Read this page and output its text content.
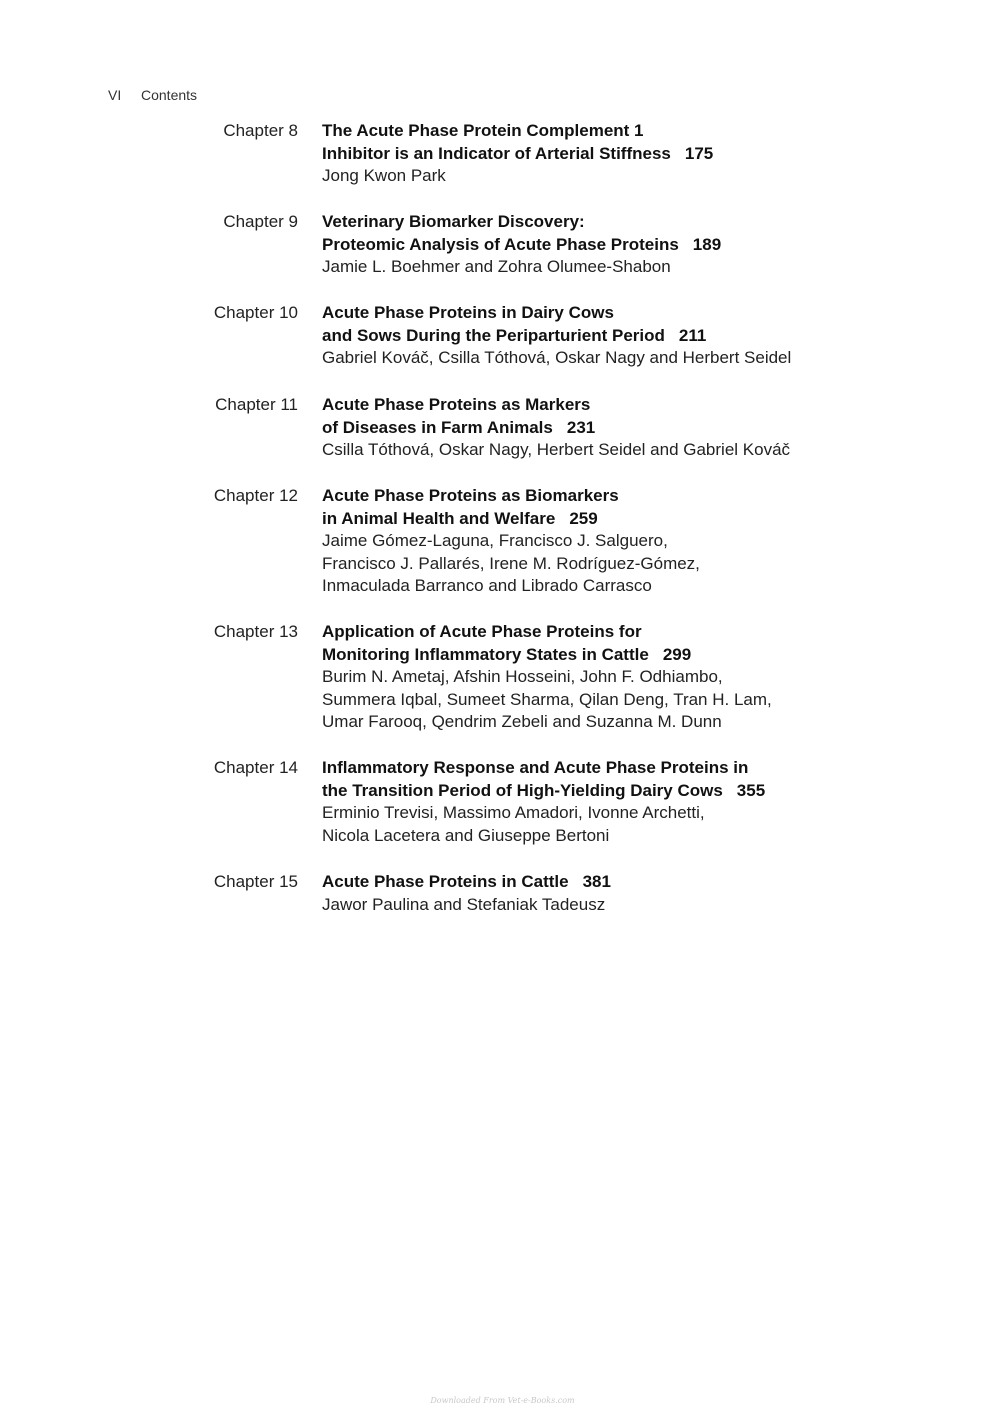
VI Contents
Chapter 8 The Acute Phase Protein Complement 1
Inhibitor is an Indicator of Arterial Stiffness 175
Jong Kwon Park
Chapter 9 Veterinary Biomarker Discovery:
Proteomic Analysis of Acute Phase Proteins 189
Jamie L. Boehmer and Zohra Olumee-Shabon
Chapter 10 Acute Phase Proteins in Dairy Cows
and Sows During the Periparturient Period 211
Gabriel Kováč, Csilla Tóthová, Oskar Nagy and Herbert Seidel
Chapter 11 Acute Phase Proteins as Markers
of Diseases in Farm Animals 231
Csilla Tóthová, Oskar Nagy, Herbert Seidel and Gabriel Kováč
Chapter 12 Acute Phase Proteins as Biomarkers
in Animal Health and Welfare 259
Jaime Gómez-Laguna, Francisco J. Salguero,
Francisco J. Pallarés, Irene M. Rodríguez-Gómez,
Inmaculada Barranco and Librado Carrasco
Chapter 13 Application of Acute Phase Proteins for
Monitoring Inflammatory States in Cattle 299
Burim N. Ametaj, Afshin Hosseini, John F. Odhiambo,
Summera Iqbal, Sumeet Sharma, Qilan Deng, Tran H. Lam,
Umar Farooq, Qendrim Zebeli and Suzanna M. Dunn
Chapter 14 Inflammatory Response and Acute Phase Proteins in
the Transition Period of High-Yielding Dairy Cows 355
Erminio Trevisi, Massimo Amadori, Ivonne Archetti,
Nicola Lacetera and Giuseppe Bertoni
Chapter 15 Acute Phase Proteins in Cattle 381
Jawor Paulina and Stefaniak Tadeusz
Downloaded From Vet-e-Books.com
